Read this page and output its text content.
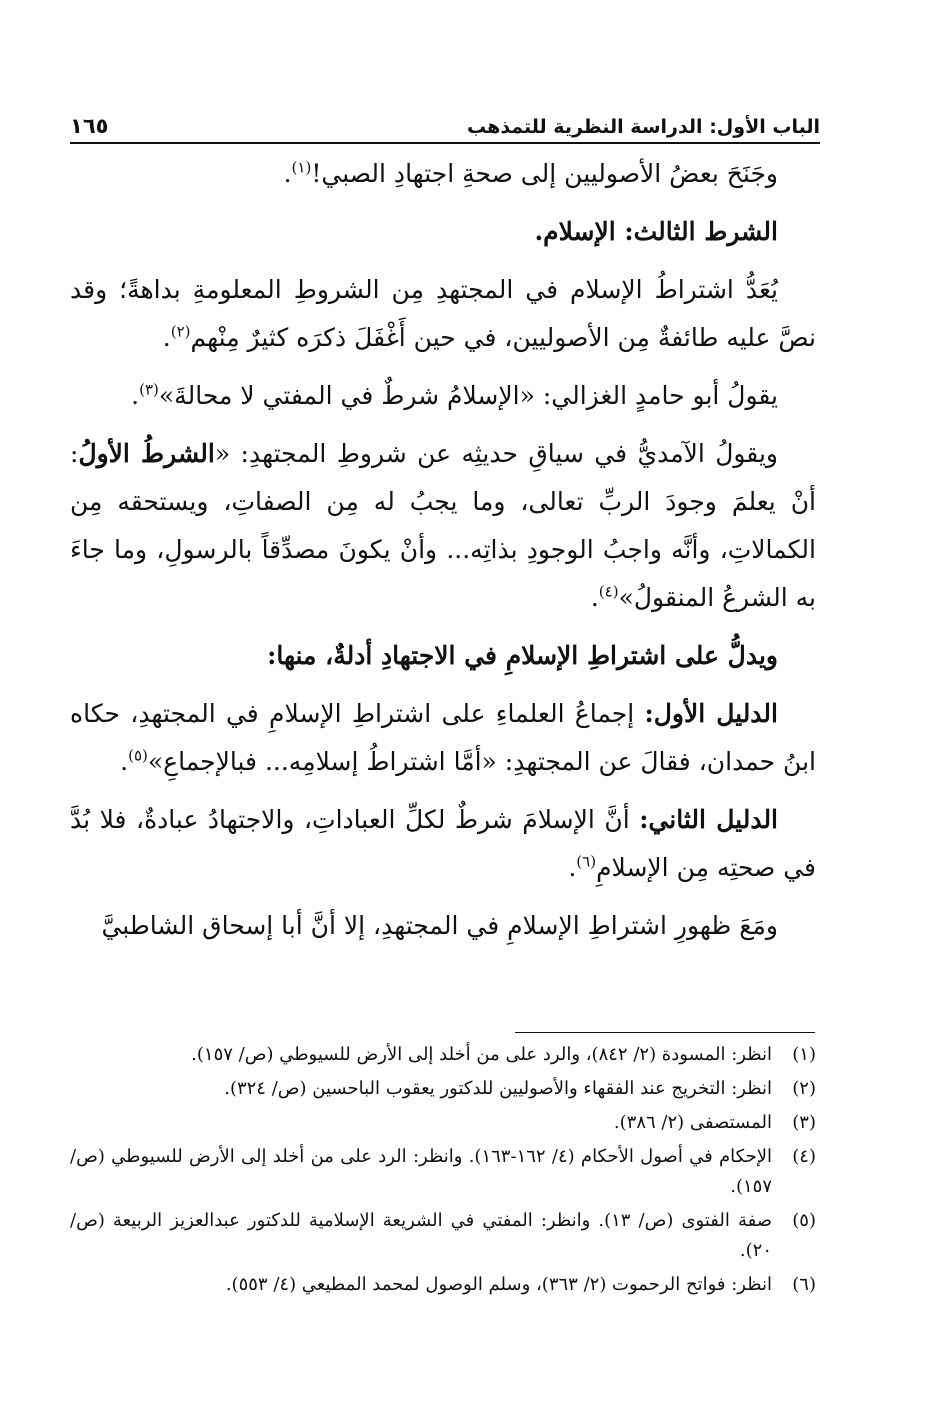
الباب الأول: الدراسة النظرية للتمذهب
١٦٥

وجَنَحَ بعضُ الأصوليين إلى صحةِ اجتهادِ الصبي!$^{(١)}$.

الشرط الثالث: الإسلام.

يُعَدُّ اشتراطُ الإسلام في المجتهدِ مِن الشروطِ المعلومةِ بداهةً؛ وقد نصَّ عليه طائفةٌ مِن الأصوليين، في حين أَغْفَلَ ذكرَه كثيرٌ مِنْهم$^{(٢)}$.

يقولُ أبو حامدٍ الغزالي: «الإسلامُ شرطٌ في المفتي لا محالةَ»$^{(٣)}$.

ويقولُ الآمديُّ في سياقِ حديثِه عن شروطِ المجتهدِ: «الشرطُ الأولُ: أنْ يعلمَ وجودَ الربِّ تعالى، وما يجبُ له مِن الصفاتِ، ويستحقه مِن الكمالاتِ، وأنَّه واجبُ الوجودِ بذاتِه... وأنْ يكونَ مصدِّقاً بالرسولِ، وما جاءَ به الشرعُ المنقولُ»$^{(٤)}$.

ويدلُّ على اشتراطِ الإسلامِ في الاجتهادِ أدلةٌ، منها:

الدليل الأول: إجماعُ العلماءِ على اشتراطِ الإسلامِ في المجتهدِ، حكاه ابنُ حمدان، فقالَ عن المجتهدِ: «أمَّا اشتراطُ إسلامِه... فبالإجماعِ»$^{(٥)}$.

الدليل الثاني: أنَّ الإسلامَ شرطٌ لكلِّ العباداتِ، والاجتهادُ عبادةٌ، فلا بُدَّ في صحتِه مِن الإسلامِ$^{(٦)}$.

ومَعَ ظهورِ اشتراطِ الإسلامِ في المجتهدِ، إلا أنَّ أبا إسحاق الشاطبيَّ

(١)
انظر: المسودة (٢/ ٨٤٢)، والرد على من أخلد إلى الأرض للسيوطي (ص/ ١٥٧).
(٢)
انظر: التخريج عند الفقهاء والأصوليين للدكتور يعقوب الباحسين (ص/ ٣٢٤).
(٣)
المستصفى (٢/ ٣٨٦).
(٤)
الإحكام في أصول الأحكام (٤/ ١٦٢-١٦٣). وانظر: الرد على من أخلد إلى الأرض للسيوطي (ص/ ١٥٧).
(٥)
صفة الفتوى (ص/ ١٣). وانظر: المفتي في الشريعة الإسلامية للدكتور عبدالعزيز الربيعة (ص/ ٢٠).
(٦)
انظر: فواتح الرحموت (٢/ ٣٦٣)، وسلم الوصول لمحمد المطيعي (٤/ ٥٥٣).
